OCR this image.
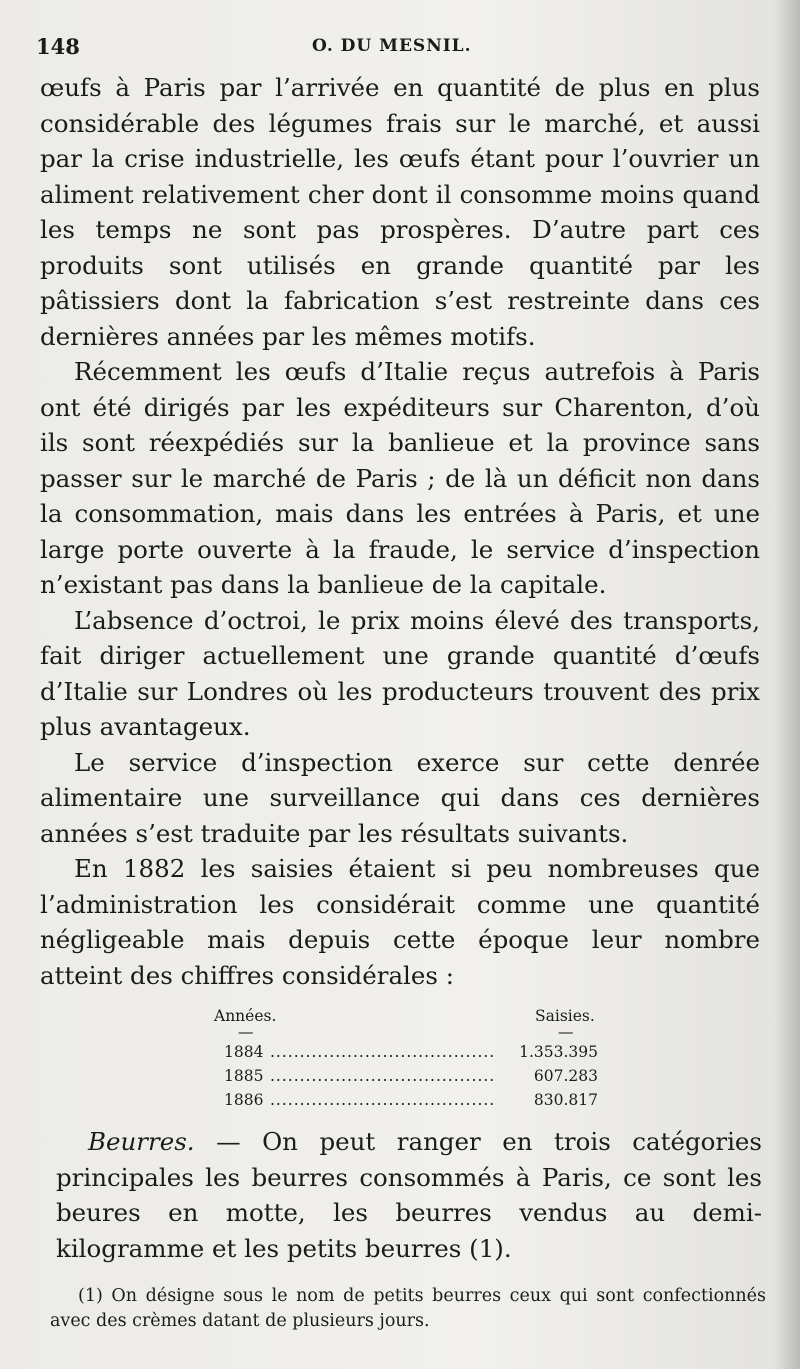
148	O. DU MESNIL.

œufs à Paris par l’arrivée en quantité de plus en plus considérable des légumes frais sur le marché, et aussi par la crise industrielle, les œufs étant pour l’ouvrier un aliment relativement cher dont il consomme moins quand les temps ne sont pas prospères. D’autre part ces produits sont utilisés en grande quantité par les pâtissiers dont la fabrication s’est restreinte dans ces dernières années par les mêmes motifs.

Récemment les œufs d’Italie reçus autrefois à Paris ont été dirigés par les expéditeurs sur Charenton, d’où ils sont réexpédiés sur la banlieue et la province sans passer sur le marché de Paris ; de là un déficit non dans la consommation, mais dans les entrées à Paris, et une large porte ouverte à la fraude, le service d’inspection n’existant pas dans la banlieue de la capitale.

L’absence d’octroi, le prix moins élevé des transports, fait diriger actuellement une grande quantité d’œufs d’Italie sur Londres où les producteurs trouvent des prix plus avantageux.

Le service d’inspection exerce sur cette denrée alimentaire une surveillance qui dans ces dernières années s’est traduite par les résultats suivants.

En 1882 les saisies étaient si peu nombreuses que l’administration les considérait comme une quantité négligeable mais depuis cette époque leur nombre atteint des chiffres considérales :

Années.	Saisies.
—	—
1884 ......................................	1.353.395
1885 ......................................	607.283
1886 ......................................	830.817

Beurres. — On peut ranger en trois catégories principales les beurres consommés à Paris, ce sont les beures en motte, les beurres vendus au demi-kilogramme et les petits beurres (1).

(1) On désigne sous le nom de petits beurres ceux qui sont confectionnés avec des crèmes datant de plusieurs jours.
